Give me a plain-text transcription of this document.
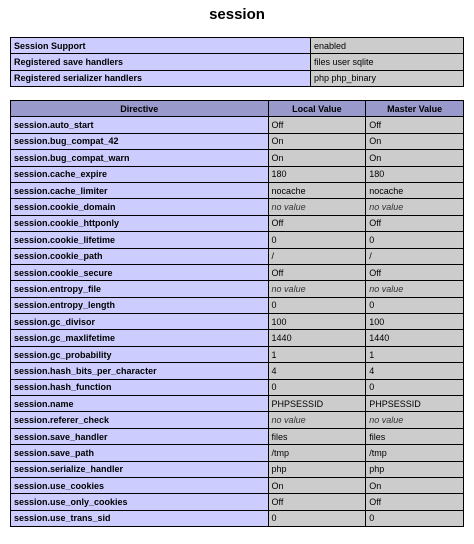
session
Session Support	enabled
Registered save handlers	files user sqlite
Registered serializer handlers	php php_binary
Directive	Local Value	Master Value
session.auto_start	Off	Off
session.bug_compat_42	On	On
session.bug_compat_warn	On	On
session.cache_expire	180	180
session.cache_limiter	nocache	nocache
session.cookie_domain	no value	no value
session.cookie_httponly	Off	Off
session.cookie_lifetime	0	0
session.cookie_path	/	/
session.cookie_secure	Off	Off
session.entropy_file	no value	no value
session.entropy_length	0	0
session.gc_divisor	100	100
session.gc_maxlifetime	1440	1440
session.gc_probability	1	1
session.hash_bits_per_character	4	4
session.hash_function	0	0
session.name	PHPSESSID	PHPSESSID
session.referer_check	no value	no value
session.save_handler	files	files
session.save_path	/tmp	/tmp
session.serialize_handler	php	php
session.use_cookies	On	On
session.use_only_cookies	Off	Off
session.use_trans_sid	0	0
